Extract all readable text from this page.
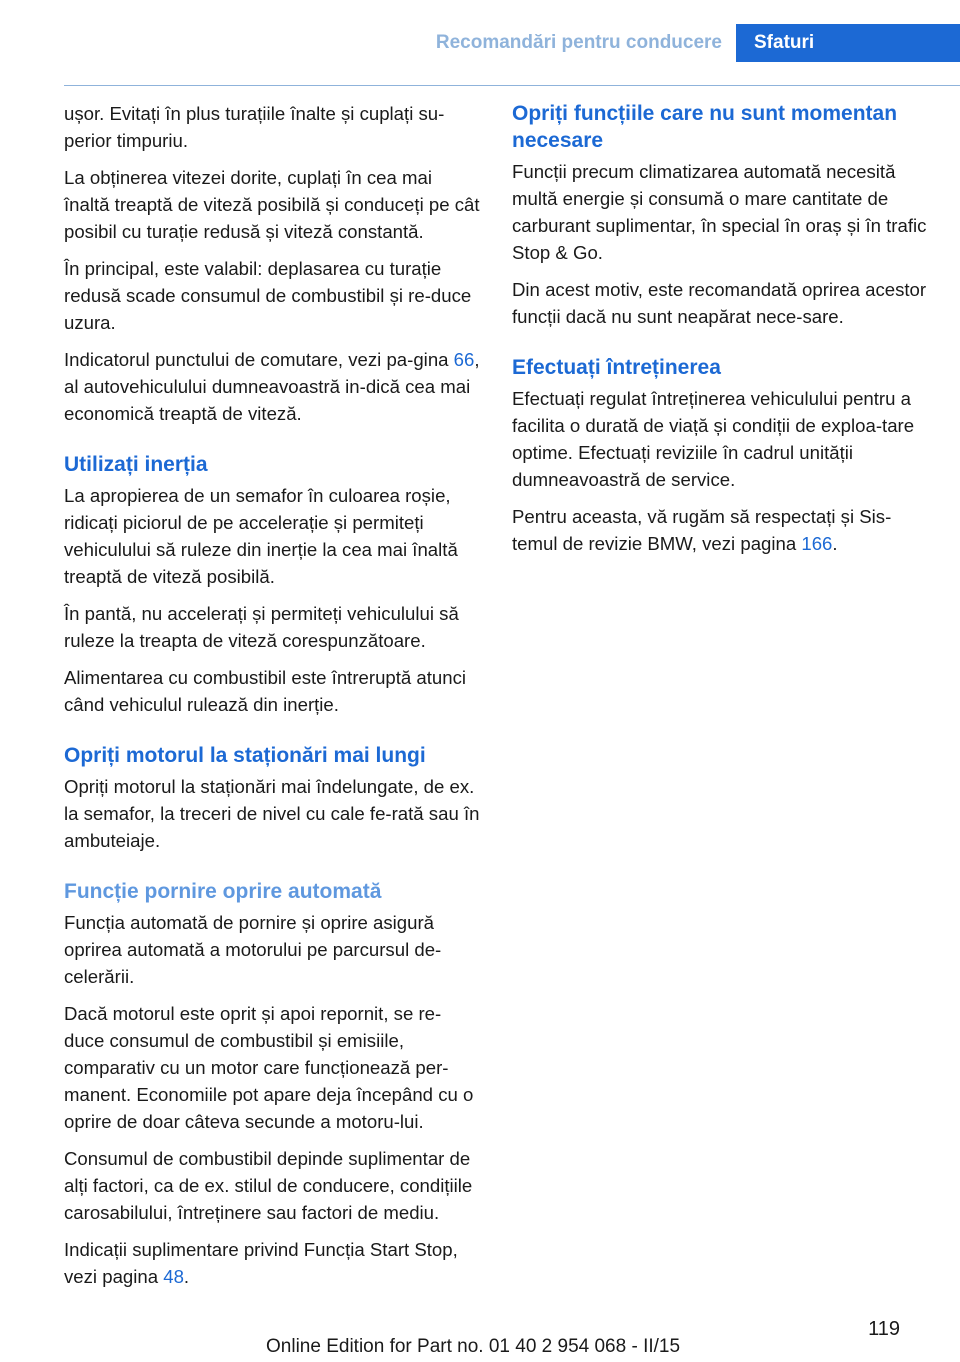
Recomandări pentru conducere	Sfaturi

ușor. Evitați în plus turațiile înalte și cuplați su-perior timpuriu.

La obținerea vitezei dorite, cuplați în cea mai înaltă treaptă de viteză posibilă și conduceți pe cât posibil cu turație redusă și viteză constantă.

În principal, este valabil: deplasarea cu turație redusă scade consumul de combustibil și re-duce uzura.

Indicatorul punctului de comutare, vezi pa-gina 66, al autovehiculului dumneavoastră in-dică cea mai economică treaptă de viteză.

Utilizați inerția

La apropierea de un semafor în culoarea roșie, ridicați piciorul de pe accelerație și permiteți vehiculului să ruleze din inerție la cea mai înaltă treaptă de viteză posibilă.

În pantă, nu accelerați și permiteți vehiculului să ruleze la treapta de viteză corespunzătoare.

Alimentarea cu combustibil este întreruptă atunci când vehiculul rulează din inerție.

Opriți motorul la staționări mai lungi

Opriți motorul la staționări mai îndelungate, de ex. la semafor, la treceri de nivel cu cale fe-rată sau în ambuteiaje.

Funcție pornire oprire automată

Funcția automată de pornire și oprire asigură oprirea automată a motorului pe parcursul de-celerării.

Dacă motorul este oprit și apoi repornit, se re-duce consumul de combustibil și emisiile, comparativ cu un motor care funcționează per-manent. Economiile pot apare deja începând cu o oprire de doar câteva secunde a motoru-lui.

Consumul de combustibil depinde suplimentar de alți factori, ca de ex. stilul de conducere, condițiile carosabilului, întreținere sau factori de mediu.

Indicații suplimentare privind Funcția Start Stop, vezi pagina 48.

Opriți funcțiile care nu sunt momentan necesare

Funcții precum climatizarea automată necesită multă energie și consumă o mare cantitate de carburant suplimentar, în special în oraș și în trafic Stop & Go.

Din acest motiv, este recomandată oprirea acestor funcții dacă nu sunt neapărat nece-sare.

Efectuați întreținerea

Efectuați regulat întreținerea vehiculului pentru a facilita o durată de viață și condiții de exploa-tare optime. Efectuați reviziile în cadrul unității dumneavoastră de service.

Pentru aceasta, vă rugăm să respectați și Sis-temul de revizie BMW, vezi pagina 166.

119
Online Edition for Part no. 01 40 2 954 068 - II/15
